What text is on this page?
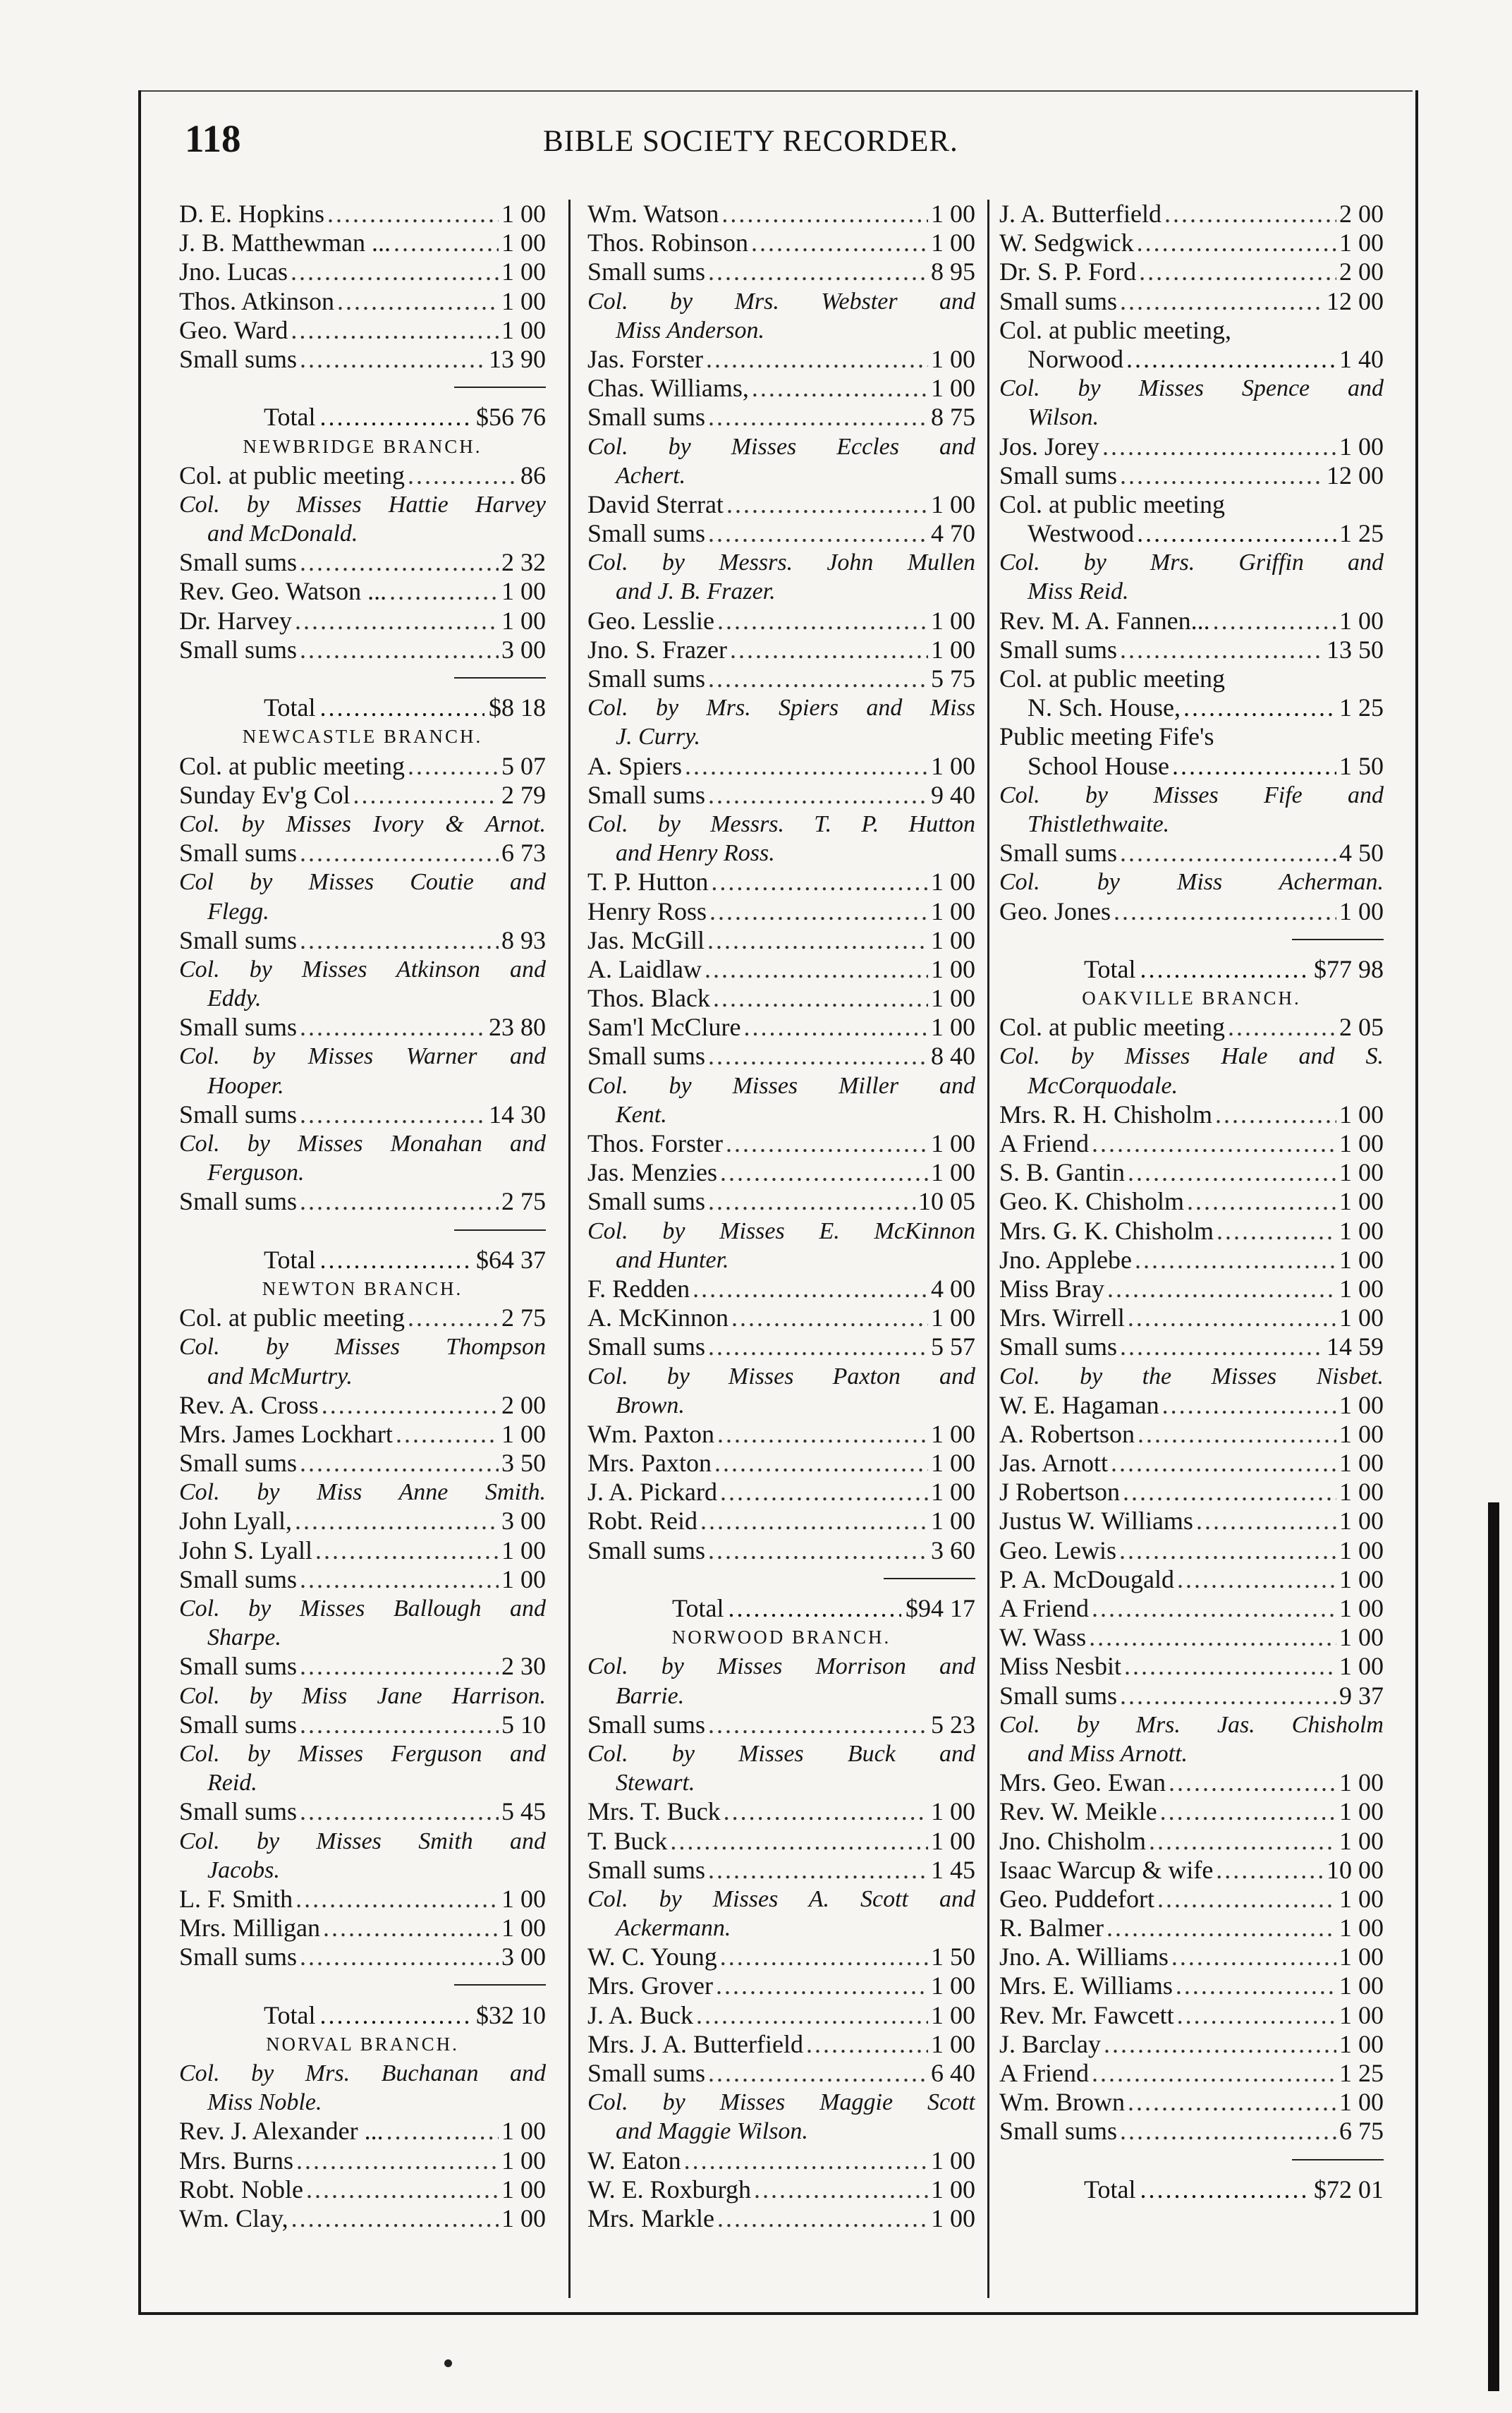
118	BIBLE SOCIETY RECORDER.
D. E. Hopkins .....	1 00
J. B. Matthewman ... .....	1 00
Jno. Lucas .....	1 00
Thos. Atkinson .....	1 00
Geo. Ward .....	1 00
Small sums .....	13 90
Total .....	$56 76
NEWBRIDGE BRANCH.
Col. at public meeting .....	86
Col. by Misses Hattie Harvey
and McDonald.
Small sums .....	2 32
Rev. Geo. Watson ... .....	1 00
Dr. Harvey .....	1 00
Small sums .....	3 00
Total .....	$8 18
NEWCASTLE BRANCH.
Col. at public meeting .....	5 07
Sunday Ev'g Col .....	2 79
Col. by Misses Ivory & Arnot.
Small sums .....	6 73
Col by Misses Coutie and
Flegg.
Small sums .....	8 93
Col. by Misses Atkinson and
Eddy.
Small sums .....	23 80
Col. by Misses Warner and
Hooper.
Small sums .....	14 30
Col. by Misses Monahan and
Ferguson.
Small sums .....	2 75
Total .....	$64 37
NEWTON BRANCH.
Col. at public meeting .....	2 75
Col. by Misses Thompson
and McMurtry.
Rev. A. Cross .....	2 00
Mrs. James Lockhart .....	1 00
Small sums .....	3 50
Col. by Miss Anne Smith.
John Lyall, .....	3 00
John S. Lyall .....	1 00
Small sums .....	1 00
Col. by Misses Ballough and
Sharpe.
Small sums .....	2 30
Col. by Miss Jane Harrison.
Small sums .....	5 10
Col. by Misses Ferguson and
Reid.
Small sums .....	5 45
Col. by Misses Smith and
Jacobs.
L. F. Smith .....	1 00
Mrs. Milligan .....	1 00
Small sums .....	3 00
Total .....	$32 10
NORVAL BRANCH.
Col. by Mrs. Buchanan and
Miss Noble.
Rev. J. Alexander ... .....	1 00
Mrs. Burns .....	1 00
Robt. Noble .....	1 00
Wm. Clay, .....	1 00
Wm. Watson .....	1 00
Thos. Robinson .....	1 00
Small sums .....	8 95
Col. by Mrs. Webster and
Miss Anderson.
Jas. Forster .....	1 00
Chas. Williams, .....	1 00
Small sums .....	8 75
Col. by Misses Eccles and
Achert.
David Sterrat .....	1 00
Small sums .....	4 70
Col. by Messrs. John Mullen
and J. B. Frazer.
Geo. Lesslie .....	1 00
Jno. S. Frazer .....	1 00
Small sums .....	5 75
Col. by Mrs. Spiers and Miss
J. Curry.
A. Spiers .....	1 00
Small sums .....	9 40
Col. by Messrs. T. P. Hutton
and Henry Ross.
T. P. Hutton .....	1 00
Henry Ross .....	1 00
Jas. McGill .....	1 00
A. Laidlaw .....	1 00
Thos. Black .....	1 00
Sam'l McClure .....	1 00
Small sums .....	8 40
Col. by Misses Miller and
Kent.
Thos. Forster .....	1 00
Jas. Menzies .....	1 00
Small sums .....	10 05
Col. by Misses E. McKinnon
and Hunter.
F. Redden .....	4 00
A. McKinnon .....	1 00
Small sums .....	5 57
Col. by Misses Paxton and
Brown.
Wm. Paxton .....	1 00
Mrs. Paxton .....	1 00
J. A. Pickard .....	1 00
Robt. Reid .....	1 00
Small sums .....	3 60
Total .....	$94 17
NORWOOD BRANCH.
Col. by Misses Morrison and
Barrie.
Small sums .....	5 23
Col. by Misses Buck and
Stewart.
Mrs. T. Buck .....	1 00
T. Buck .....	1 00
Small sums .....	1 45
Col. by Misses A. Scott and
Ackermann.
W. C. Young .....	1 50
Mrs. Grover .....	1 00
J. A. Buck .....	1 00
Mrs. J. A. Butterfield .....	1 00
Small sums .....	6 40
Col. by Misses Maggie Scott
and Maggie Wilson.
W. Eaton .....	1 00
W. E. Roxburgh .....	1 00
Mrs. Markle .....	1 00
J. A. Butterfield .....	2 00
W. Sedgwick .....	1 00
Dr. S. P. Ford .....	2 00
Small sums .....	12 00
Col. at public meeting,
Norwood .....	1 40
Col. by Misses Spence and
Wilson.
Jos. Jorey .....	1 00
Small sums .....	12 00
Col. at public meeting
Westwood .....	1 25
Col. by Mrs. Griffin and
Miss Reid.
Rev. M. A. Fannen... .....	1 00
Small sums .....	13 50
Col. at public meeting
N. Sch. House, .....	1 25
Public meeting Fife's
School House .....	1 50
Col. by Misses Fife and
Thistlethwaite.
Small sums .....	4 50
Col. by Miss Acherman.
Geo. Jones .....	1 00
Total .....	$77 98
OAKVILLE BRANCH.
Col. at public meeting .....	2 05
Col. by Misses Hale and S.
McCorquodale.
Mrs. R. H. Chisholm .....	1 00
A Friend .....	1 00
S. B. Gantin .....	1 00
Geo. K. Chisholm .....	1 00
Mrs. G. K. Chisholm .....	1 00
Jno. Applebe .....	1 00
Miss Bray .....	1 00
Mrs. Wirrell .....	1 00
Small sums .....	14 59
Col. by the Misses Nisbet.
W. E. Hagaman .....	1 00
A. Robertson .....	1 00
Jas. Arnott .....	1 00
J Robertson .....	1 00
Justus W. Williams .....	1 00
Geo. Lewis .....	1 00
P. A. McDougald .....	1 00
A Friend .....	1 00
W. Wass .....	1 00
Miss Nesbit .....	1 00
Small sums .....	9 37
Col. by Mrs. Jas. Chisholm
and Miss Arnott.
Mrs. Geo. Ewan .....	1 00
Rev. W. Meikle .....	1 00
Jno. Chisholm .....	1 00
Isaac Warcup & wife .....	10 00
Geo. Puddefort .....	1 00
R. Balmer .....	1 00
Jno. A. Williams .....	1 00
Mrs. E. Williams .....	1 00
Rev. Mr. Fawcett .....	1 00
J. Barclay .....	1 00
A Friend .....	1 25
Wm. Brown .....	1 00
Small sums .....	6 75
Total .....	$72 01
